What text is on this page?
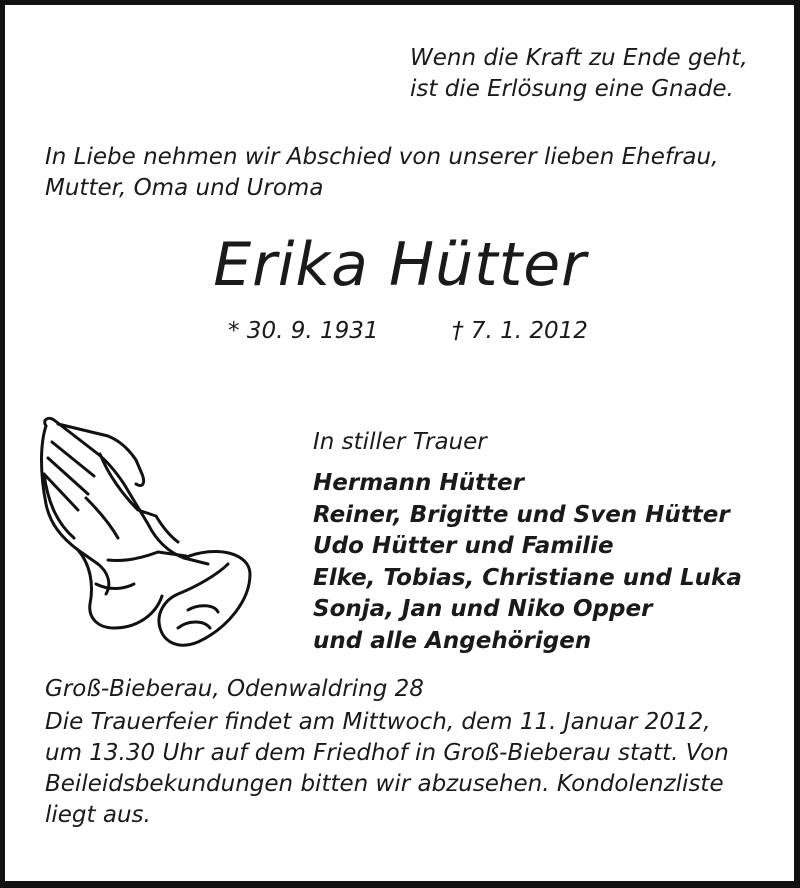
Wenn die Kraft zu Ende geht,
ist die Erlösung eine Gnade.
In Liebe nehmen wir Abschied von unserer lieben Ehefrau,
Mutter, Oma und Uroma
Erika Hütter
* 30. 9. 1931	† 7. 1. 2012
In stiller Trauer
Hermann Hütter
Reiner, Brigitte und Sven Hütter
Udo Hütter und Familie
Elke, Tobias, Christiane und Luka
Sonja, Jan und Niko Opper
und alle Angehörigen
Groß-Bieberau, Odenwaldring 28
Die Trauerfeier findet am Mittwoch, dem 11. Januar 2012,
um 13.30 Uhr auf dem Friedhof in Groß-Bieberau statt. Von
Beileidsbekundungen bitten wir abzusehen. Kondolenzliste
liegt aus.
